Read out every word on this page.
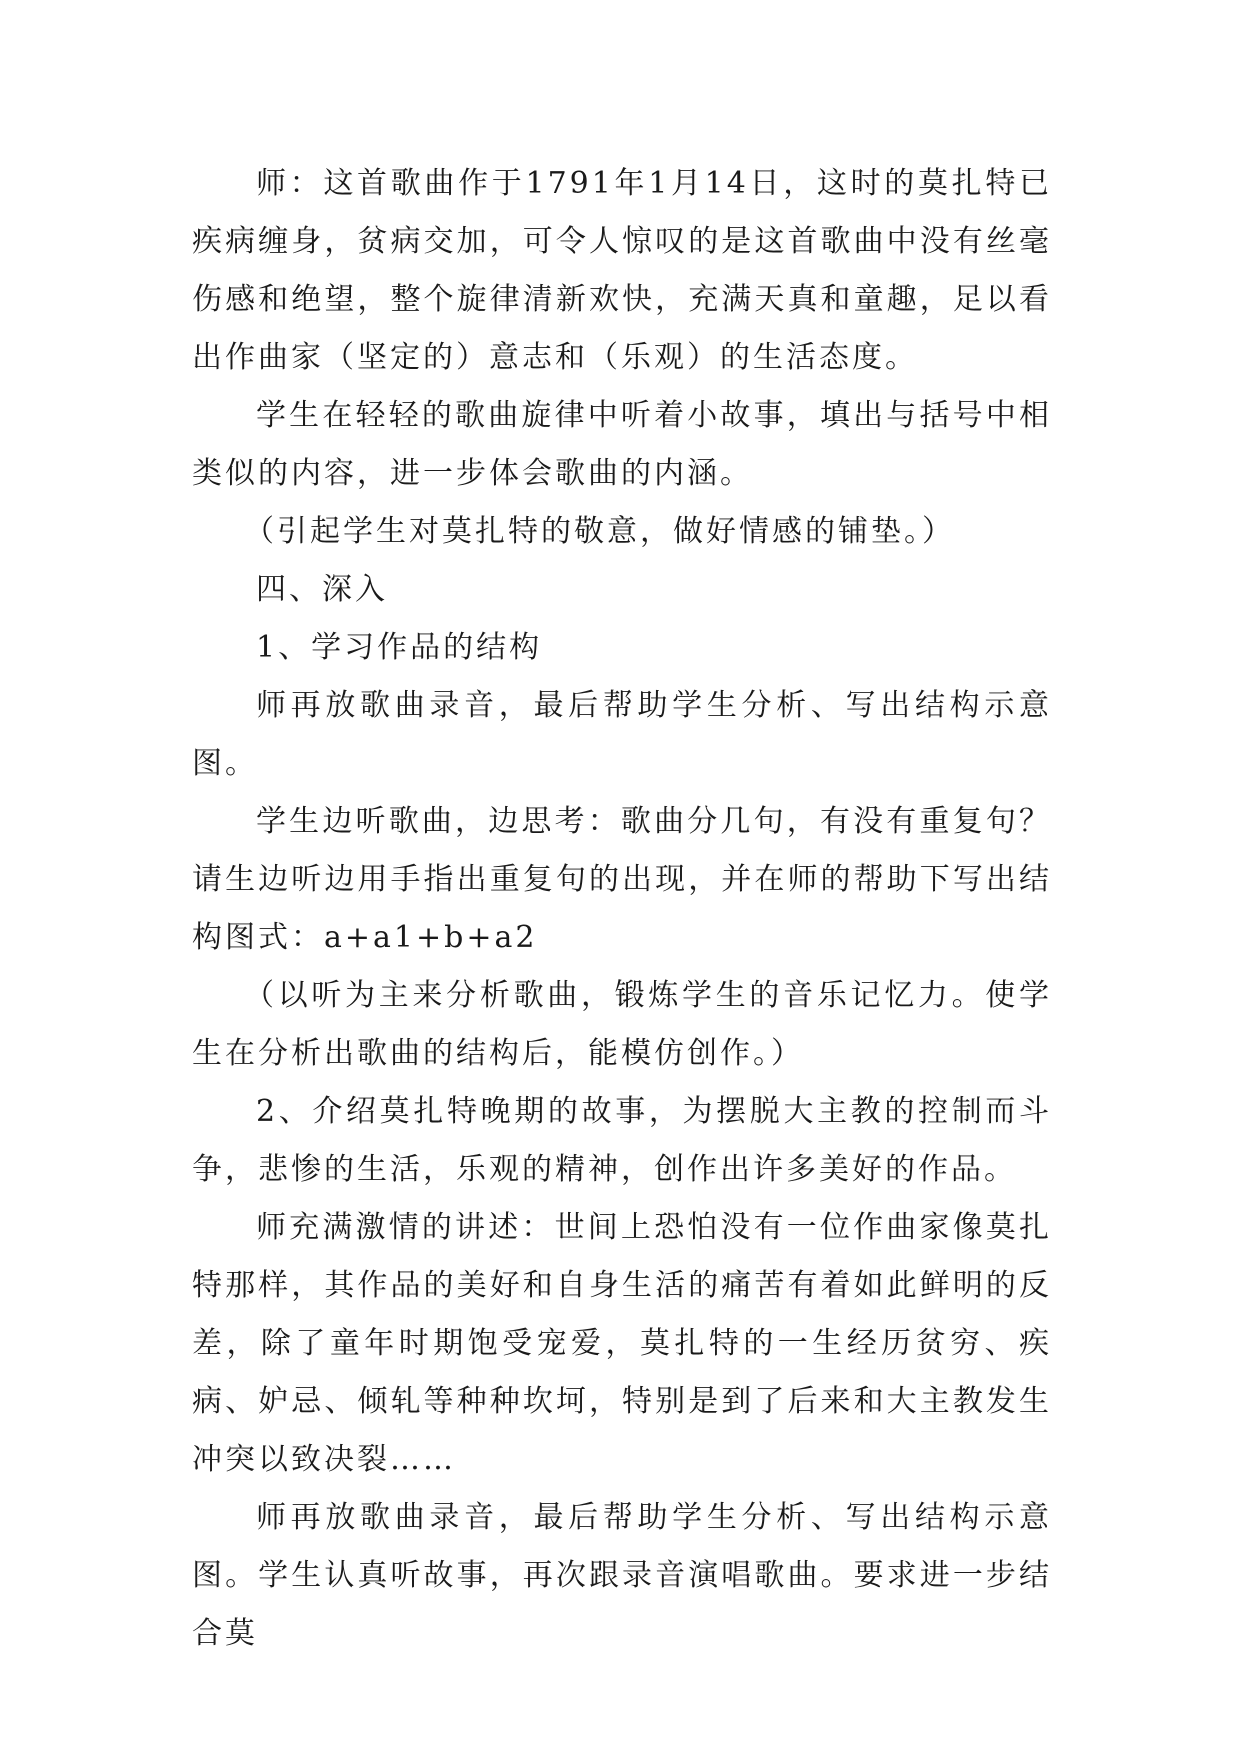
师：这首歌曲作于1791年1月14日，这时的莫扎特已疾病缠身，贫病交加，可令人惊叹的是这首歌曲中没有丝毫伤感和绝望，整个旋律清新欢快，充满天真和童趣，足以看出作曲家（坚定的）意志和（乐观）的生活态度。

学生在轻轻的歌曲旋律中听着小故事，填出与括号中相类似的内容，进一步体会歌曲的内涵。

（引起学生对莫扎特的敬意，做好情感的铺垫。）

四、深入

1、学习作品的结构

师再放歌曲录音，最后帮助学生分析、写出结构示意图。

学生边听歌曲，边思考：歌曲分几句，有没有重复句？请生边听边用手指出重复句的出现，并在师的帮助下写出结构图式：a+a1+b+a2

（以听为主来分析歌曲，锻炼学生的音乐记忆力。使学生在分析出歌曲的结构后，能模仿创作。）

2、介绍莫扎特晚期的故事，为摆脱大主教的控制而斗争，悲惨的生活，乐观的精神，创作出许多美好的作品。

师充满激情的讲述：世间上恐怕没有一位作曲家像莫扎特那样，其作品的美好和自身生活的痛苦有着如此鲜明的反差，除了童年时期饱受宠爱，莫扎特的一生经历贫穷、疾病、妒忌、倾轧等种种坎坷，特别是到了后来和大主教发生冲突以致决裂……

师再放歌曲录音，最后帮助学生分析、写出结构示意图。学生认真听故事，再次跟录音演唱歌曲。要求进一步结合莫
